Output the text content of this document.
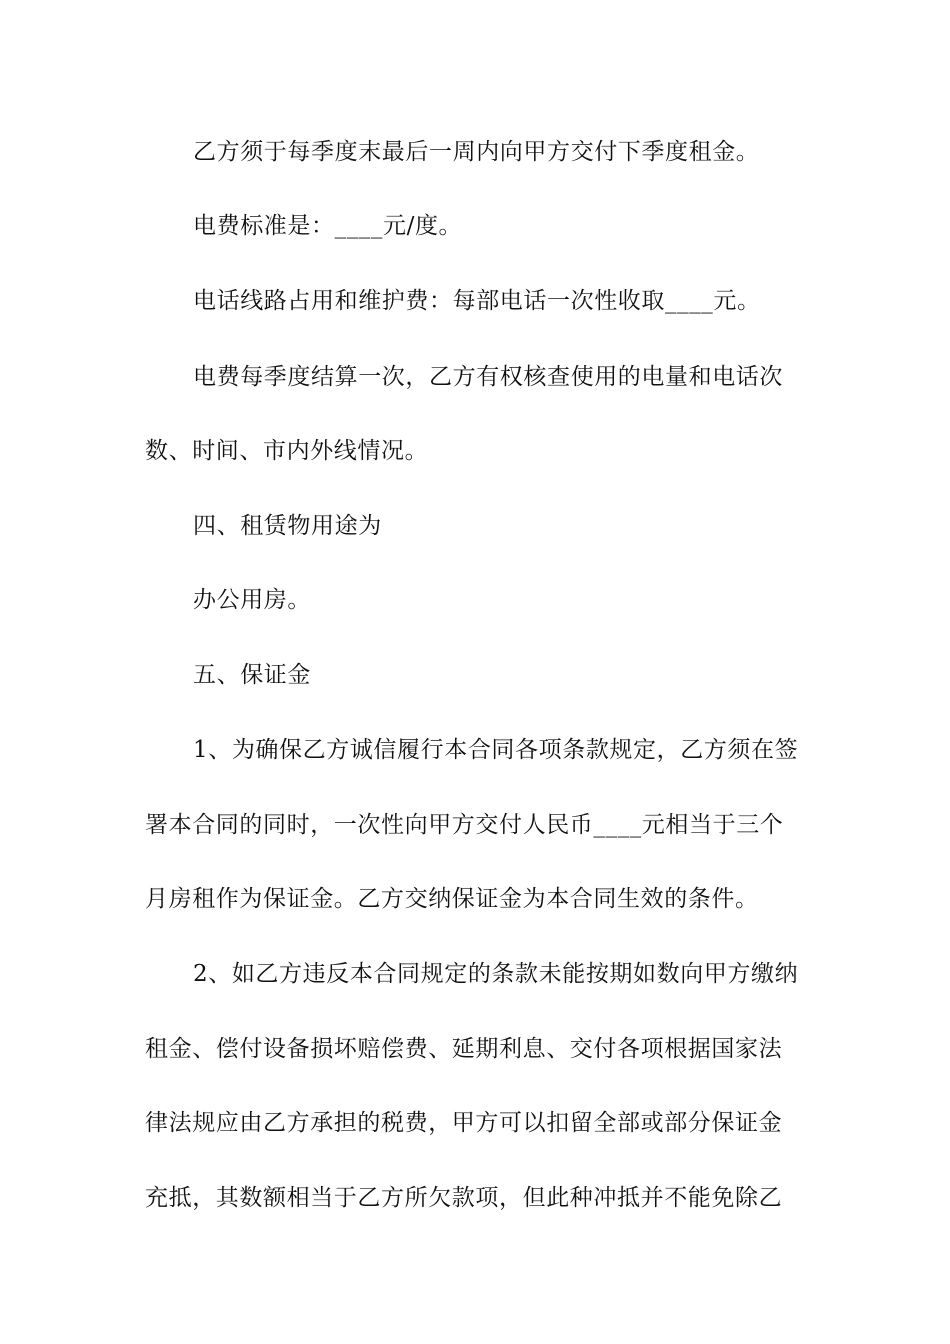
乙方须于每季度末最后一周内向甲方交付下季度租金。
电费标准是：____元/度。
电话线路占用和维护费：每部电话一次性收取____元。
电费每季度结算一次，乙方有权核查使用的电量和电话次
数、时间、市内外线情况。
四、租赁物用途为
办公用房。
五、保证金
1、为确保乙方诚信履行本合同各项条款规定，乙方须在签
署本合同的同时，一次性向甲方交付人民币____元相当于三个
月房租作为保证金。乙方交纳保证金为本合同生效的条件。
2、如乙方违反本合同规定的条款未能按期如数向甲方缴纳
租金、偿付设备损坏赔偿费、延期利息、交付各项根据国家法
律法规应由乙方承担的税费，甲方可以扣留全部或部分保证金
充抵，其数额相当于乙方所欠款项，但此种冲抵并不能免除乙
